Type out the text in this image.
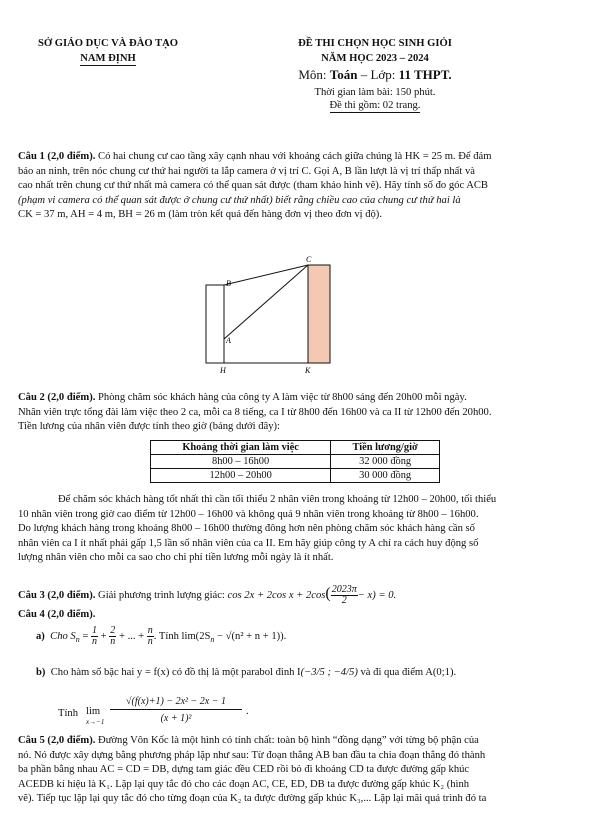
SỞ GIÁO DỤC VÀ ĐÀO TẠO
NAM ĐỊNH
ĐỀ THI CHỌN HỌC SINH GIỎI
NĂM HỌC 2023 – 2024
Môn: Toán – Lớp: 11 THPT.
Thời gian làm bài: 150 phút.
Đề thi gồm: 02 trang.
Câu 1 (2,0 điểm). Có hai chung cư cao tầng xây cạnh nhau với khoảng cách giữa chúng là HK = 25 m. Để đảm
bảo an ninh, trên nóc chung cư thứ hai người ta lắp camera ở vị trí C. Gọi A, B lần lượt là vị trí thấp nhất và
cao nhất trên chung cư thứ nhất mà camera có thể quan sát được (tham khảo hình vẽ). Hãy tính số đo góc ACB
(phạm vi camera có thể quan sát được ở chung cư thứ nhất) biết rằng chiều cao của chung cư thứ hai là
CK = 37 m, AH = 4 m, BH = 26 m (làm tròn kết quả đến hàng đơn vị theo đơn vị độ).
C
B
A
H	K
Câu 2 (2,0 điểm). Phòng chăm sóc khách hàng của công ty A làm việc từ 8h00 sáng đến 20h00 mỗi ngày.
Nhân viên trực tổng đài làm việc theo 2 ca, mỗi ca 8 tiếng, ca I từ 8h00 đến 16h00 và ca II từ 12h00 đến 20h00.
Tiền lương của nhân viên được tính theo giờ (bảng dưới đây):
Khoảng thời gian làm việc	Tiền lương/giờ
8h00 – 16h00	32 000 đồng
12h00 – 20h00	30 000 đồng
Để chăm sóc khách hàng tốt nhất thì cần tối thiểu 2 nhân viên trong khoảng từ 12h00 – 20h00, tối thiểu
10 nhân viên trong giờ cao điểm từ 12h00 – 16h00 và không quá 9 nhân viên trong khoảng từ 8h00 – 16h00.
Do lượng khách hàng trong khoảng 8h00 – 16h00 thường đông hơn nên phòng chăm sóc khách hàng cần số
nhân viên ca I ít nhất phải gấp 1,5 lần số nhân viên của ca II. Em hãy giúp công ty A chỉ ra cách huy động số
lượng nhân viên cho mỗi ca sao cho chi phí tiền lương mỗi ngày là ít nhất.
Câu 3 (2,0 điểm). Giải phương trình lượng giác: cos 2x + 2cos $x + 2\cos( \frac{2023\pi}{2} - x) = 0$.
Câu 4 (2,0 điểm).
a) Cho $S_n = \frac{1}{n} + \frac{2}{n}$ + ... + $\frac{n}{n}$ . Tính $\lim(2S_n - √(n^2 + n + 1))$.
b) Cho hàm số bậc hai y = f(x) có đồ thị là một parabol đỉnh I(−3/5 ; −4/5) và đi qua điểm A(0;1).
Tính lim
x→−1
√(f(x)+1) − 2x² − 2x − 1
(x + 1)²
.
Câu 5 (2,0 điểm). Đường Vôn Kốc là một hình có tính chất: toàn bộ hình “đồng dạng” với từng bộ phận của
nó. Nó được xây dựng bằng phương pháp lặp như sau: Từ đoạn thẳng AB ban đầu ta chia đoạn thẳng đó thành
ba phần bằng nhau AC = CD = DB, dựng tam giác đều CED rồi bỏ đi khoảng CD ta được đường gấp khúc
ACEDB kí hiệu là K₁. Lặp lại quy tắc đó cho các đoạn AC, CE, ED, DB ta được đường gấp khúc K₂ (hình
vẽ). Tiếp tục lặp lại quy tắc đó cho từng đoạn của K₂ ta được đường gấp khúc K₃,... Lặp lại mãi quá trình đó ta
